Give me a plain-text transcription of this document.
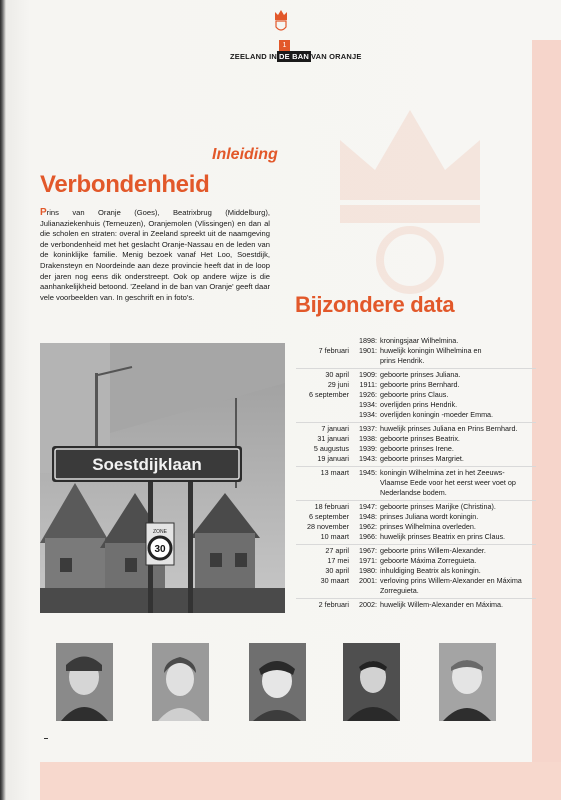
1
ZEELAND IN DE BAN VAN ORANJE
Inleiding
Verbondenheid
Prins van Oranje (Goes), Beatrixbrug (Middelburg), Julianaziekenhuis (Terneuzen), Oranjemolen (Vlissingen) en dan al die scholen en straten: overal in Zeeland spreekt uit de naamgeving de verbondenheid met het geslacht Oranje-Nassau en de leden van de koninklijke familie. Menig bezoek vanaf Het Loo, Soestdijk, Drakensteyn en Noordeinde aan deze provincie heeft dat in de loop der jaren nog eens dik onderstreept. Ook op andere wijze is die aanhankelijkheid betoond. 'Zeeland in de ban van Oranje' geeft daar vele voorbeelden van. In geschrift en in foto's.	Bijzondere data
1898: kroningsjaar Wilhelmina.
7 februari	1901: huwelijk koningin Wilhelmina en
prins Hendrik.
30 april	1909: geboorte prinses Juliana.
29 juni	1911: geboorte prins Bernhard.
6 september	1926: geboorte prins Claus.
1934: overlijden prins Hendrik.
1934: overlijden koningin -moeder Emma.
7 januari	1937: huwelijk prinses Juliana en Prins Bernhard.
31 januari	1938: geboorte prinses Beatrix.
5 augustus	1939: geboorte prinses Irene.
19 januari	1943: geboorte prinses Margriet.
13 maart	1945: koningin Wilhelmina zet in het Zeeuws-
Vlaamse Eede voor het eerst weer voet op
Nederlandse bodem.
18 februari	1947: geboorte prinses Marijke (Christina).
6 september	1948: prinses Juliana wordt koningin.
28 november	1962: prinses Wilhelmina overleden.
10 maart	1966: huwelijk prinses Beatrix en prins Claus.
27 april	1967: geboorte prins Willem-Alexander.
17 mei	1971: geboorte Máxima Zorreguieta.
30 april	1980: inhuldiging Beatrix als koningin.
30 maart	2001: verloving prins Willem-Alexander en Máxima
Zorreguieta.
2 februari	2002: huwelijk Willem-Alexander en Máxima.
Soestdijklaan
ZONE
30
